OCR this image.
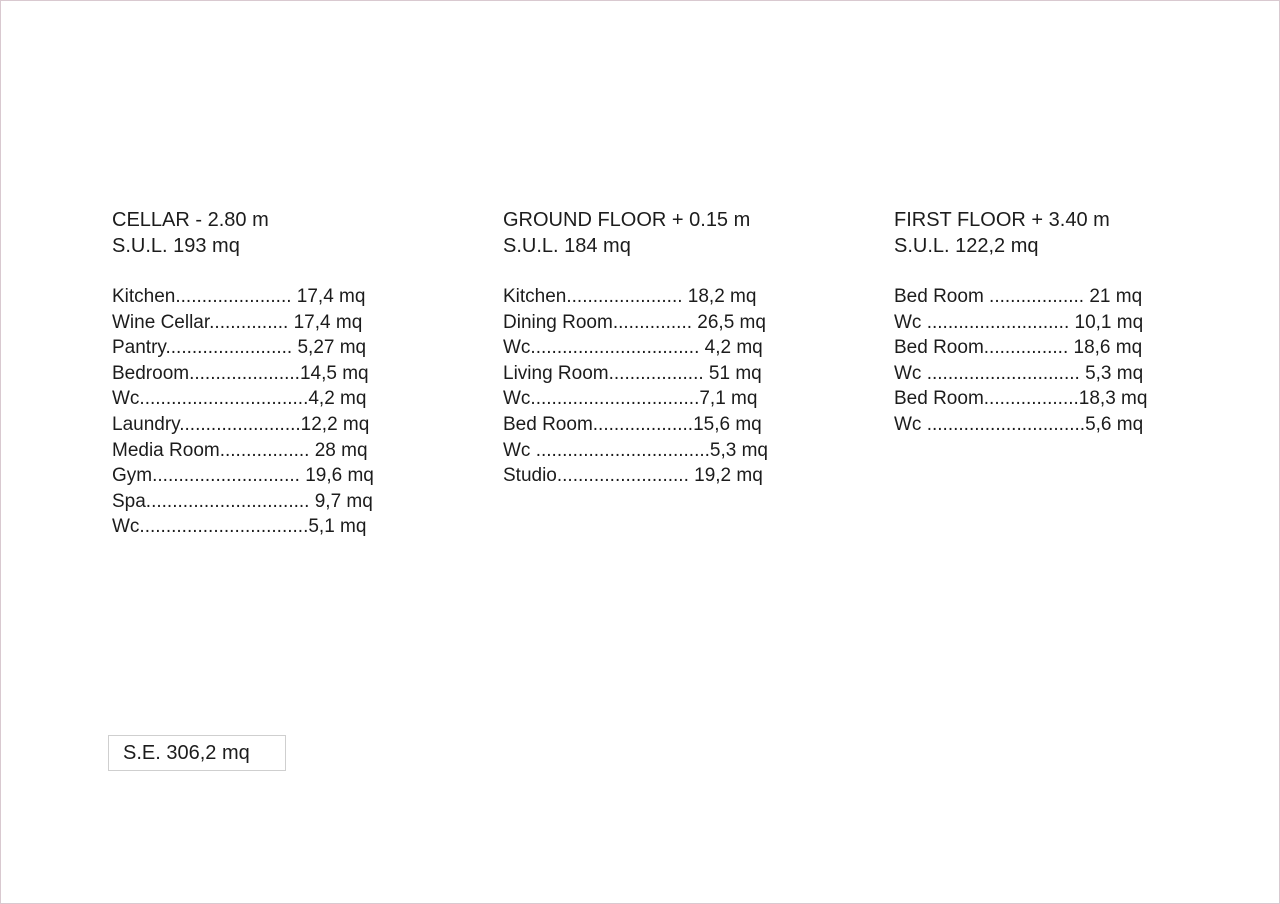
CELLAR - 2.80 m

S.U.L. 193 mq

Kitchen...................... 17,4 mq
Wine Cellar............... 17,4 mq
Pantry........................ 5,27 mq
Bedroom.....................14,5 mq
Wc................................4,2 mq
Laundry.......................12,2 mq
Media Room................. 28 mq
Gym............................ 19,6 mq
Spa............................... 9,7 mq
Wc................................5,1 mq

GROUND FLOOR + 0.15 m

S.U.L. 184 mq

Kitchen...................... 18,2 mq
Dining Room............... 26,5 mq
Wc................................ 4,2 mq
Living Room.................. 51 mq
Wc................................7,1 mq
Bed Room...................15,6 mq
Wc .................................5,3 mq
Studio......................... 19,2 mq

FIRST FLOOR + 3.40 m

S.U.L. 122,2 mq

Bed Room .................. 21 mq
Wc ........................... 10,1 mq
Bed Room................ 18,6 mq
Wc ............................. 5,3 mq
Bed Room..................18,3 mq
Wc ..............................5,6 mq
S.E. 306,2 mq
